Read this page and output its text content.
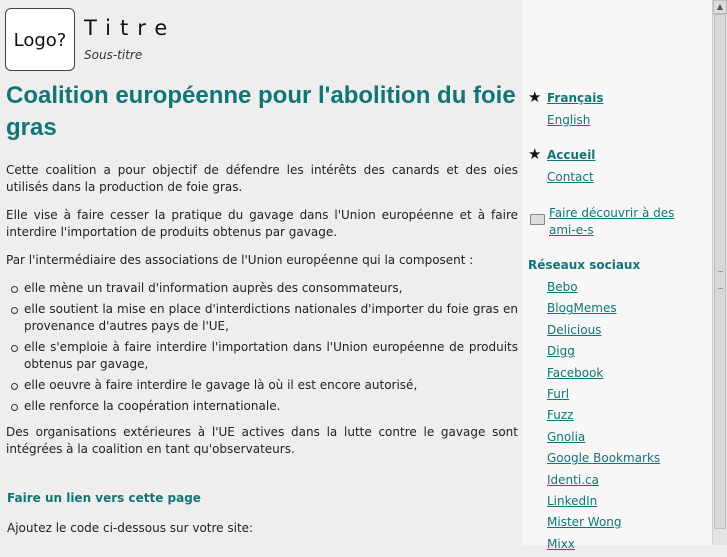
Logo?
Titre
Sous-titre
Coalition européenne pour l'abolition du foie gras

Cette coalition a pour objectif de défendre les intérêts des canards et des oies utilisés dans la production de foie gras.

Elle vise à faire cesser la pratique du gavage dans l'Union européenne et à faire interdire l'importation de produits obtenus par gavage.

Par l'intermédiaire des associations de l'Union européenne qui la composent :

elle mène un travail d'information auprès des consommateurs,
elle soutient la mise en place d'interdictions nationales d'importer du foie gras en provenance d'autres pays de l'UE,
elle s'emploie à faire interdire l'importation dans l'Union européenne de produits obtenus par gavage,
elle oeuvre à faire interdire le gavage là où il est encore autorisé,
elle renforce la coopération internationale.

Des organisations extérieures à l'UE actives dans la lutte contre le gavage sont intégrées à la coalition en tant qu'observateurs.

Faire un lien vers cette page
Ajoutez le code ci-dessous sur votre site:
★ Français
English
★ Accueil
Contact
Faire découvrir à des ami-e-s
Réseaux sociaux
Bebo
BlogMemes
Delicious
Digg
Facebook
Furl
Fuzz
Gnolia
Google Bookmarks
Identi.ca
LinkedIn
Mister Wong
Mixx
▲
